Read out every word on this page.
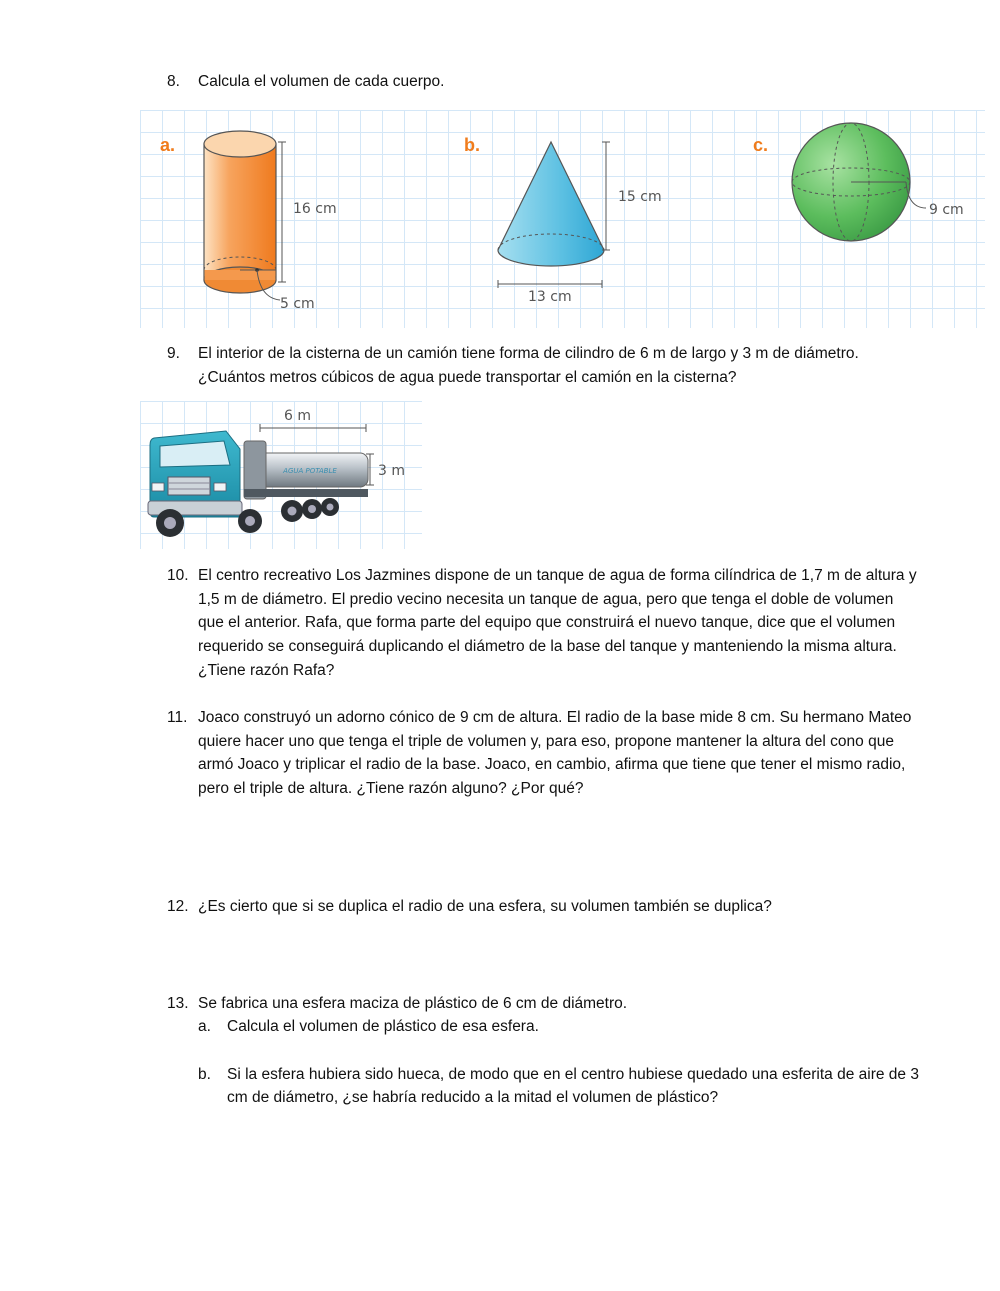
8. Calcula el volumen de cada cuerpo.
a.
16 cm
5 cm
b.
15 cm
13 cm
c.
9 cm
9. El interior de la cisterna de un camión tiene forma de cilindro de 6 m de largo y 3 m de diámetro.
¿Cuántos metros cúbicos de agua puede transportar el camión en la cisterna?
6 m
3 m
AGUA POTABLE
10. El centro recreativo Los Jazmines dispone de un tanque de agua de forma cilíndrica de 1,7 m de altura y
1,5 m de diámetro. El predio vecino necesita un tanque de agua, pero que tenga el doble de volumen
que el anterior. Rafa, que forma parte del equipo que construirá el nuevo tanque, dice que el volumen
requerido se conseguirá duplicando el diámetro de la base del tanque y manteniendo la misma altura.
¿Tiene razón Rafa?
11. Joaco construyó un adorno cónico de 9 cm de altura. El radio de la base mide 8 cm. Su hermano Mateo
quiere hacer uno que tenga el triple de volumen y, para eso, propone mantener la altura del cono que
armó Joaco y triplicar el radio de la base. Joaco, en cambio, afirma que tiene que tener el mismo radio,
pero el triple de altura. ¿Tiene razón alguno? ¿Por qué?
12. ¿Es cierto que si se duplica el radio de una esfera, su volumen también se duplica?
13. Se fabrica una esfera maciza de plástico de 6 cm de diámetro.
a. Calcula el volumen de plástico de esa esfera.
b. Si la esfera hubiera sido hueca, de modo que en el centro hubiese quedado una esferita de aire de 3
cm de diámetro, ¿se habría reducido a la mitad el volumen de plástico?
